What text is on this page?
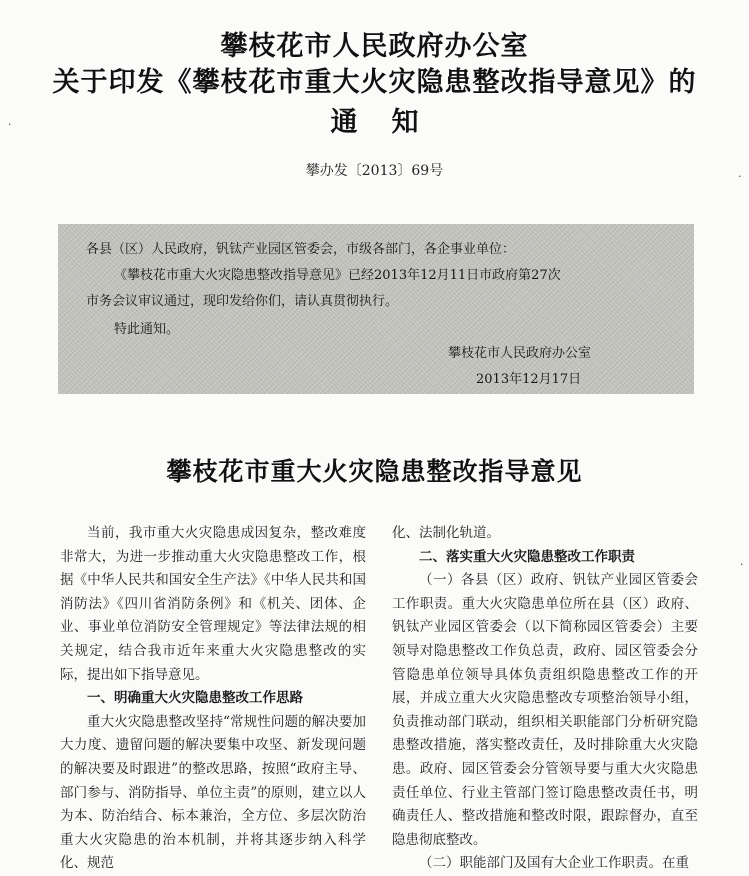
攀枝花市人民政府办公室
关于印发《攀枝花市重大火灾隐患整改指导意见》的
通知
攀办发〔2013〕69号
·
·
·
各县（区）人民政府，钒钛产业园区管委会，市级各部门，各企事业单位：
《攀枝花市重大火灾隐患整改指导意见》已经2013年12月11日市政府第27次
市务会议审议通过，现印发给你们，请认真贯彻执行。
特此通知。
攀枝花市人民政府办公室
2013年12月17日
攀枝花市重大火灾隐患整改指导意见

当前，我市重大火灾隐患成因复杂，整改难度非常大，为进一步推动重大火灾隐患整改工作，根据《中华人民共和国安全生产法》《中华人民共和国消防法》《四川省消防条例》和《机关、团体、企业、事业单位消防安全管理规定》等法律法规的相关规定，结合我市近年来重大火灾隐患整改的实际，提出如下指导意见。

一、明确重大火灾隐患整改工作思路

重大火灾隐患整改坚持“常规性问题的解决要加大力度、遗留问题的解决要集中攻坚、新发现问题的解决要及时跟进”的整改思路，按照“政府主导、部门参与、消防指导、单位主责”的原则，建立以人为本、防治结合、标本兼治，全方位、多层次防治重大火灾隐患的治本机制，并将其逐步纳入科学化、规范

化、法制化轨道。

二、落实重大火灾隐患整改工作职责

（一）各县（区）政府、钒钛产业园区管委会工作职责。重大火灾隐患单位所在县（区）政府、钒钛产业园区管委会（以下简称园区管委会）主要领导对隐患整改工作负总责，政府、园区管委会分管隐患单位领导具体负责组织隐患整改工作的开展，并成立重大火灾隐患整改专项整治领导小组，负责推动部门联动，组织相关职能部门分析研究隐患整改措施，落实整改责任，及时排除重大火灾隐患。政府、园区管委会分管领导要与重大火灾隐患责任单位、行业主管部门签订隐患整改责任书，明确责任人、整改措施和整改时限，跟踪督办，直至隐患彻底整改。

（二）职能部门及国有大企业工作职责。在重
